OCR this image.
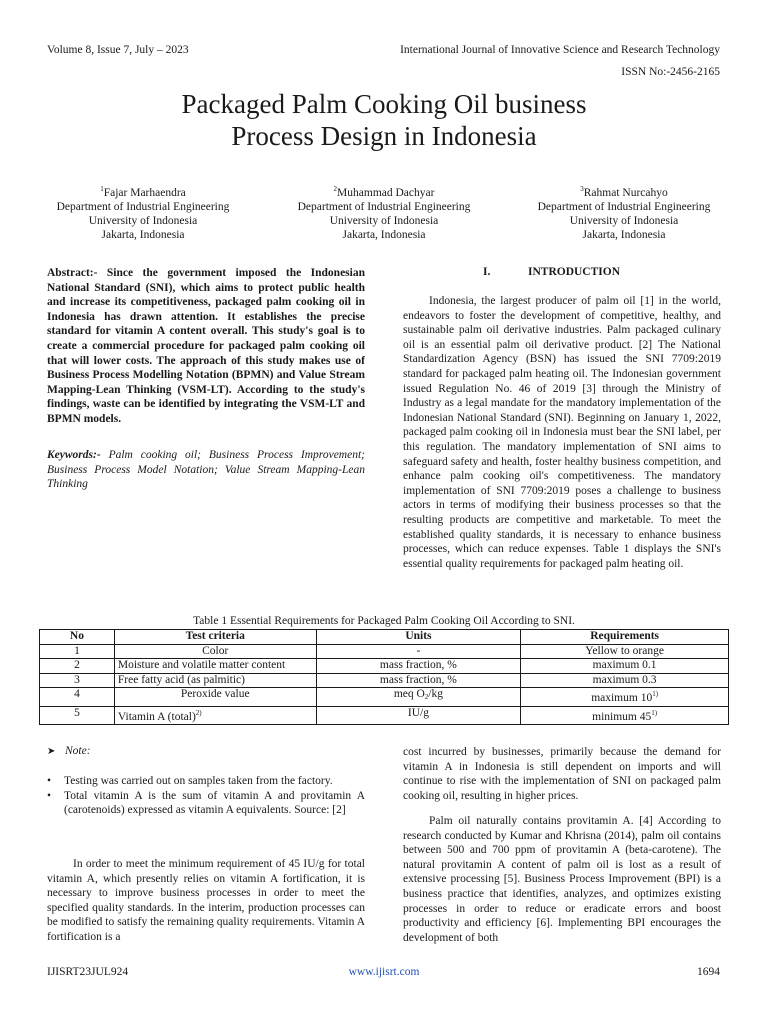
Volume 8, Issue 7, July – 2023	International Journal of Innovative Science and Research Technology
ISSN No:-2456-2165
Packaged Palm Cooking Oil business
Process Design in Indonesia
$^1$Fajar Marhaendra
Department of Industrial Engineering
University of Indonesia
Jakarta, Indonesia
$^2$Muhammad Dachyar
Department of Industrial Engineering
University of Indonesia
Jakarta, Indonesia
$^3$Rahmat Nurcahyo
Department of Industrial Engineering
University of Indonesia
Jakarta, Indonesia
Abstract:- Since the government imposed the Indonesian National Standard (SNI), which aims to protect public health and increase its competitiveness, packaged palm cooking oil in Indonesia has drawn attention. It establishes the precise standard for vitamin A content overall. This study's goal is to create a commercial procedure for packaged palm cooking oil that will lower costs. The approach of this study makes use of Business Process Modelling Notation (BPMN) and Value Stream Mapping-Lean Thinking (VSM-LT). According to the study's findings, waste can be identified by integrating the VSM-LT and BPMN models.
Keywords:- Palm cooking oil; Business Process Improvement; Business Process Model Notation; Value Stream Mapping-Lean Thinking
I.	INTRODUCTION
Indonesia, the largest producer of palm oil [1] in the world, endeavors to foster the development of competitive, healthy, and sustainable palm oil derivative industries. Palm packaged culinary oil is an essential palm oil derivative product. [2] The National Standardization Agency (BSN) has issued the SNI 7709:2019 standard for packaged palm heating oil. The Indonesian government issued Regulation No. 46 of 2019 [3] through the Ministry of Industry as a legal mandate for the mandatory implementation of the Indonesian National Standard (SNI). Beginning on January 1, 2022, packaged palm cooking oil in Indonesia must bear the SNI label, per this regulation. The mandatory implementation of SNI aims to safeguard safety and health, foster healthy business competition, and enhance palm cooking oil's competitiveness. The mandatory implementation of SNI 7709:2019 poses a challenge to business actors in terms of modifying their business processes so that the resulting products are competitive and marketable. To meet the established quality standards, it is necessary to enhance business processes, which can reduce expenses. Table 1 displays the SNI's essential quality requirements for packaged palm heating oil.
Table 1 Essential Requirements for Packaged Palm Cooking Oil According to SNI.
No	Test criteria	Units	Requirements
1	Color	-	Yellow to orange
2	Moisture and volatile matter content	mass fraction, %	maximum 0.1
3	Free fatty acid (as palmitic)	mass fraction, %	maximum 0.3
4	Peroxide value	meq $O_2/kg$	maximum 10$^{1)}$
5	Vitamin A (total)$^{2)}$	IU/g	minimum 45$^{1)}$
➤ Note:
• Testing was carried out on samples taken from the factory.
• Total vitamin A is the sum of vitamin A and provitamin A (carotenoids) expressed as vitamin A equivalents. Source: [2]
In order to meet the minimum requirement of 45 IU/g for total vitamin A, which presently relies on vitamin A fortification, it is necessary to improve business processes in order to meet the specified quality standards. In the interim, production processes can be modified to satisfy the remaining quality requirements. Vitamin A fortification is a
cost incurred by businesses, primarily because the demand for vitamin A in Indonesia is still dependent on imports and will continue to rise with the implementation of SNI on packaged palm cooking oil, resulting in higher prices.
Palm oil naturally contains provitamin A. [4] According to research conducted by Kumar and Khrisna (2014), palm oil contains between 500 and 700 ppm of provitamin A (beta-carotene). The natural provitamin A content of palm oil is lost as a result of extensive processing [5]. Business Process Improvement (BPI) is a business practice that identifies, analyzes, and optimizes existing processes in order to reduce or eradicate errors and boost productivity and efficiency [6]. Implementing BPI encourages the development of both
IJISRT23JUL924	www.ijisrt.com	1694
